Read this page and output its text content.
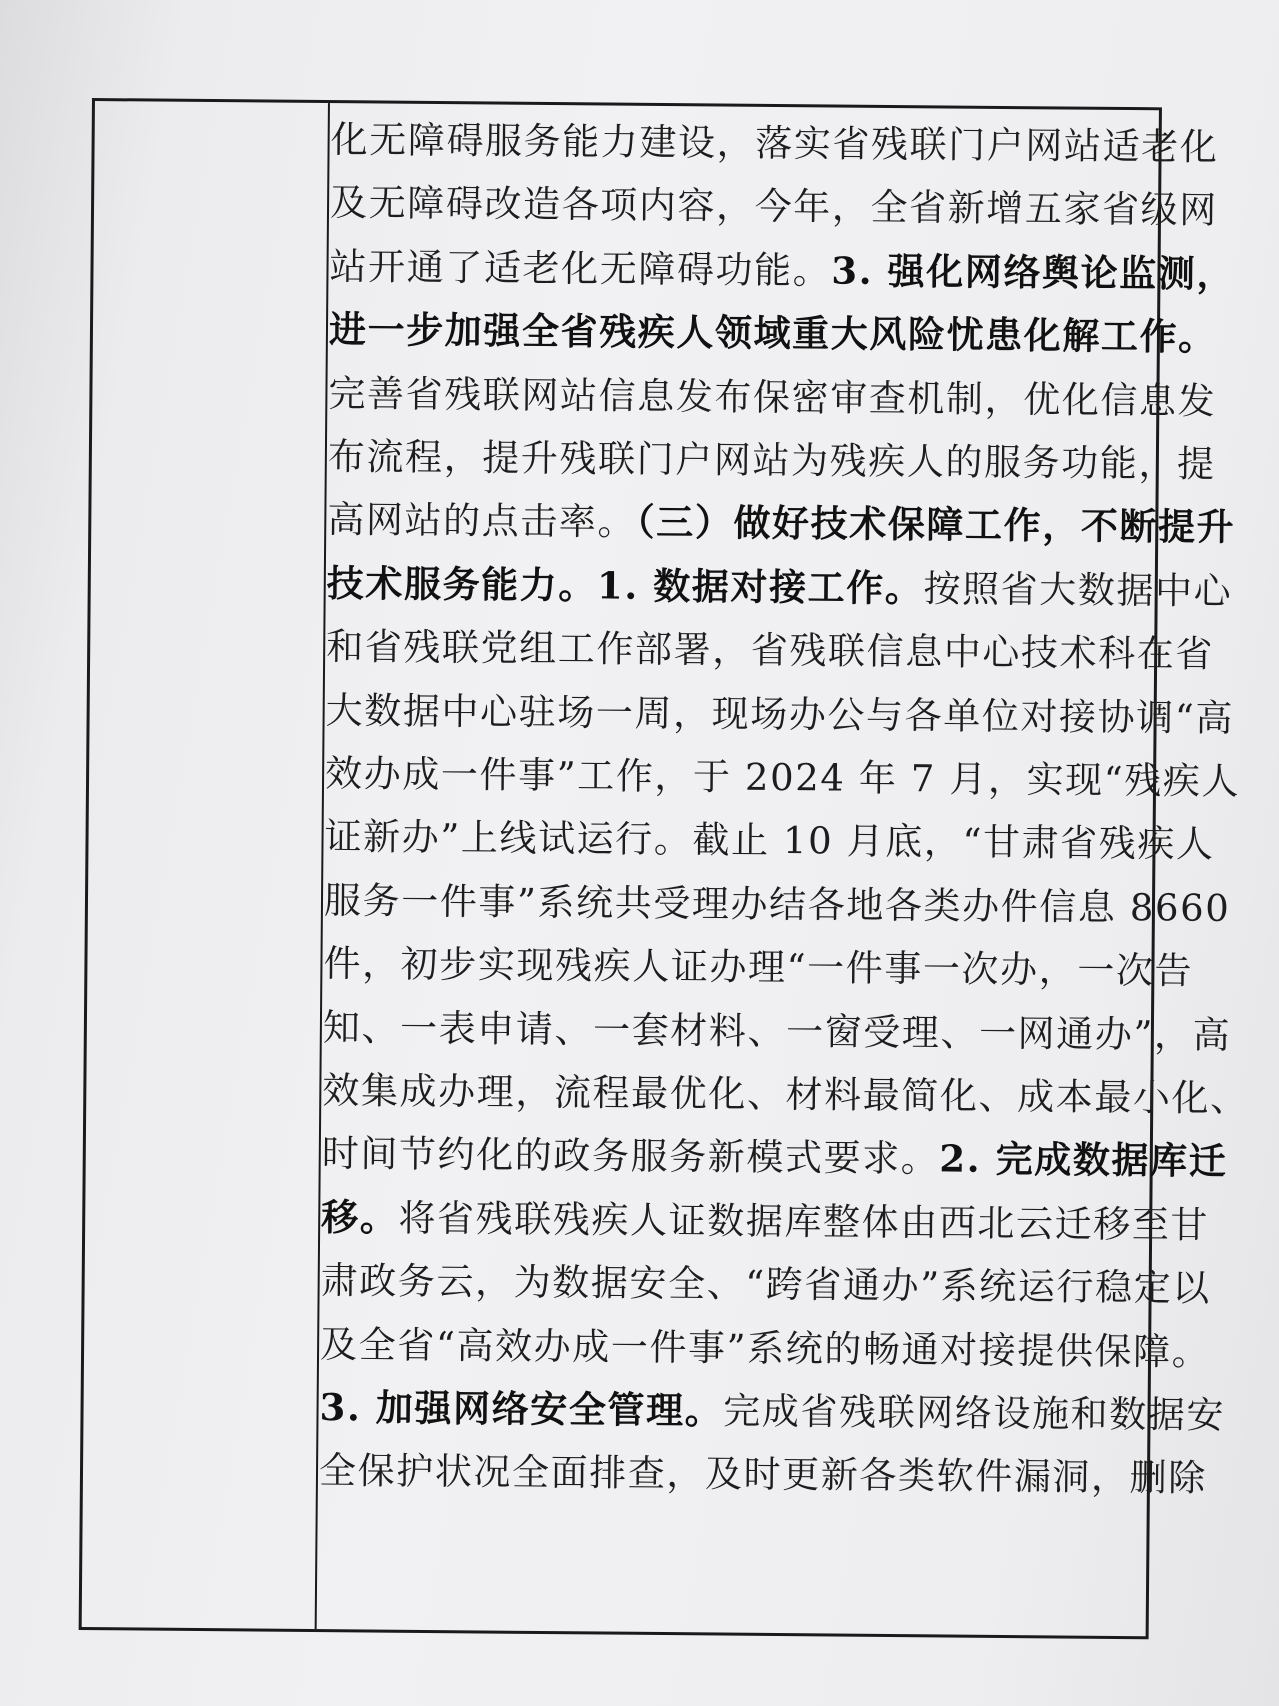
化无障碍服务能力建设，落实省残联门户网站适老化
及无障碍改造各项内容，今年，全省新增五家省级网
站开通了适老化无障碍功能。3. 强化网络舆论监测，
进一步加强全省残疾人领域重大风险忧患化解工作。
完善省残联网站信息发布保密审查机制，优化信息发
布流程，提升残联门户网站为残疾人的服务功能，提
高网站的点击率。（三）做好技术保障工作，不断提升
技术服务能力。1. 数据对接工作。按照省大数据中心
和省残联党组工作部署，省残联信息中心技术科在省
大数据中心驻场一周，现场办公与各单位对接协调“高
效办成一件事”工作，于 2024 年 7 月，实现“残疾人
证新办”上线试运行。截止 10 月底，“甘肃省残疾人
服务一件事”系统共受理办结各地各类办件信息 8660
件，初步实现残疾人证办理“一件事一次办，一次告
知、一表申请、一套材料、一窗受理、一网通办”，高
效集成办理，流程最优化、材料最简化、成本最小化、
时间节约化的政务服务新模式要求。2. 完成数据库迁
移。将省残联残疾人证数据库整体由西北云迁移至甘
肃政务云，为数据安全、“跨省通办”系统运行稳定以
及全省“高效办成一件事”系统的畅通对接提供保障。
3. 加强网络安全管理。完成省残联网络设施和数据安
全保护状况全面排查，及时更新各类软件漏洞，删除
